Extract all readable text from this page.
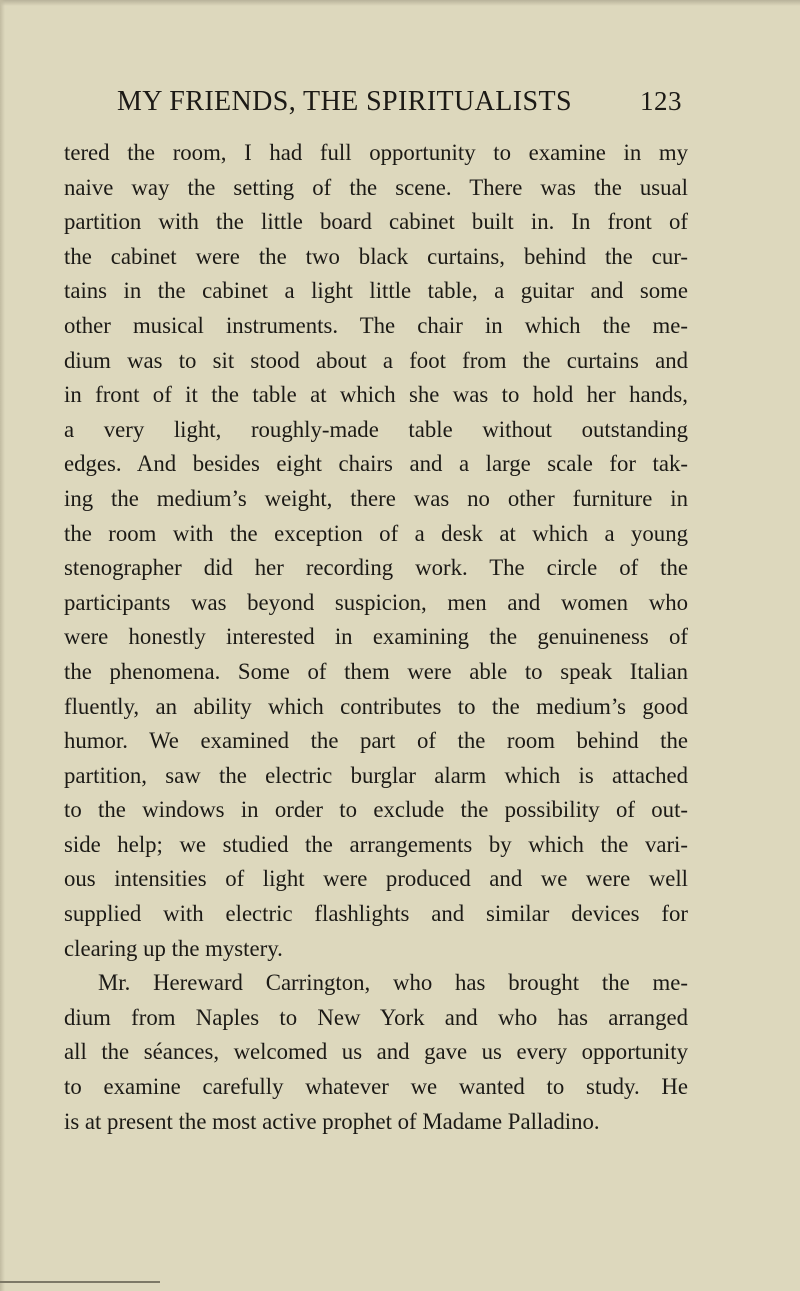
MY FRIENDS, THE SPIRITUALISTS	123
tered the room, I had full opportunity to examine in my
naive way the setting of the scene. There was the usual
partition with the little board cabinet built in. In front of
the cabinet were the two black curtains, behind the cur-
tains in the cabinet a light little table, a guitar and some
other musical instruments. The chair in which the me-
dium was to sit stood about a foot from the curtains and
in front of it the table at which she was to hold her hands,
a very light, roughly-made table without outstanding
edges. And besides eight chairs and a large scale for tak-
ing the medium’s weight, there was no other furniture in
the room with the exception of a desk at which a young
stenographer did her recording work. The circle of the
participants was beyond suspicion, men and women who
were honestly interested in examining the genuineness of
the phenomena. Some of them were able to speak Italian
fluently, an ability which contributes to the medium’s good
humor. We examined the part of the room behind the
partition, saw the electric burglar alarm which is attached
to the windows in order to exclude the possibility of out-
side help; we studied the arrangements by which the vari-
ous intensities of light were produced and we were well
supplied with electric flashlights and similar devices for
clearing up the mystery.
Mr. Hereward Carrington, who has brought the me-
dium from Naples to New York and who has arranged
all the séances, welcomed us and gave us every opportunity
to examine carefully whatever we wanted to study. He
is at present the most active prophet of Madame Palladino.
